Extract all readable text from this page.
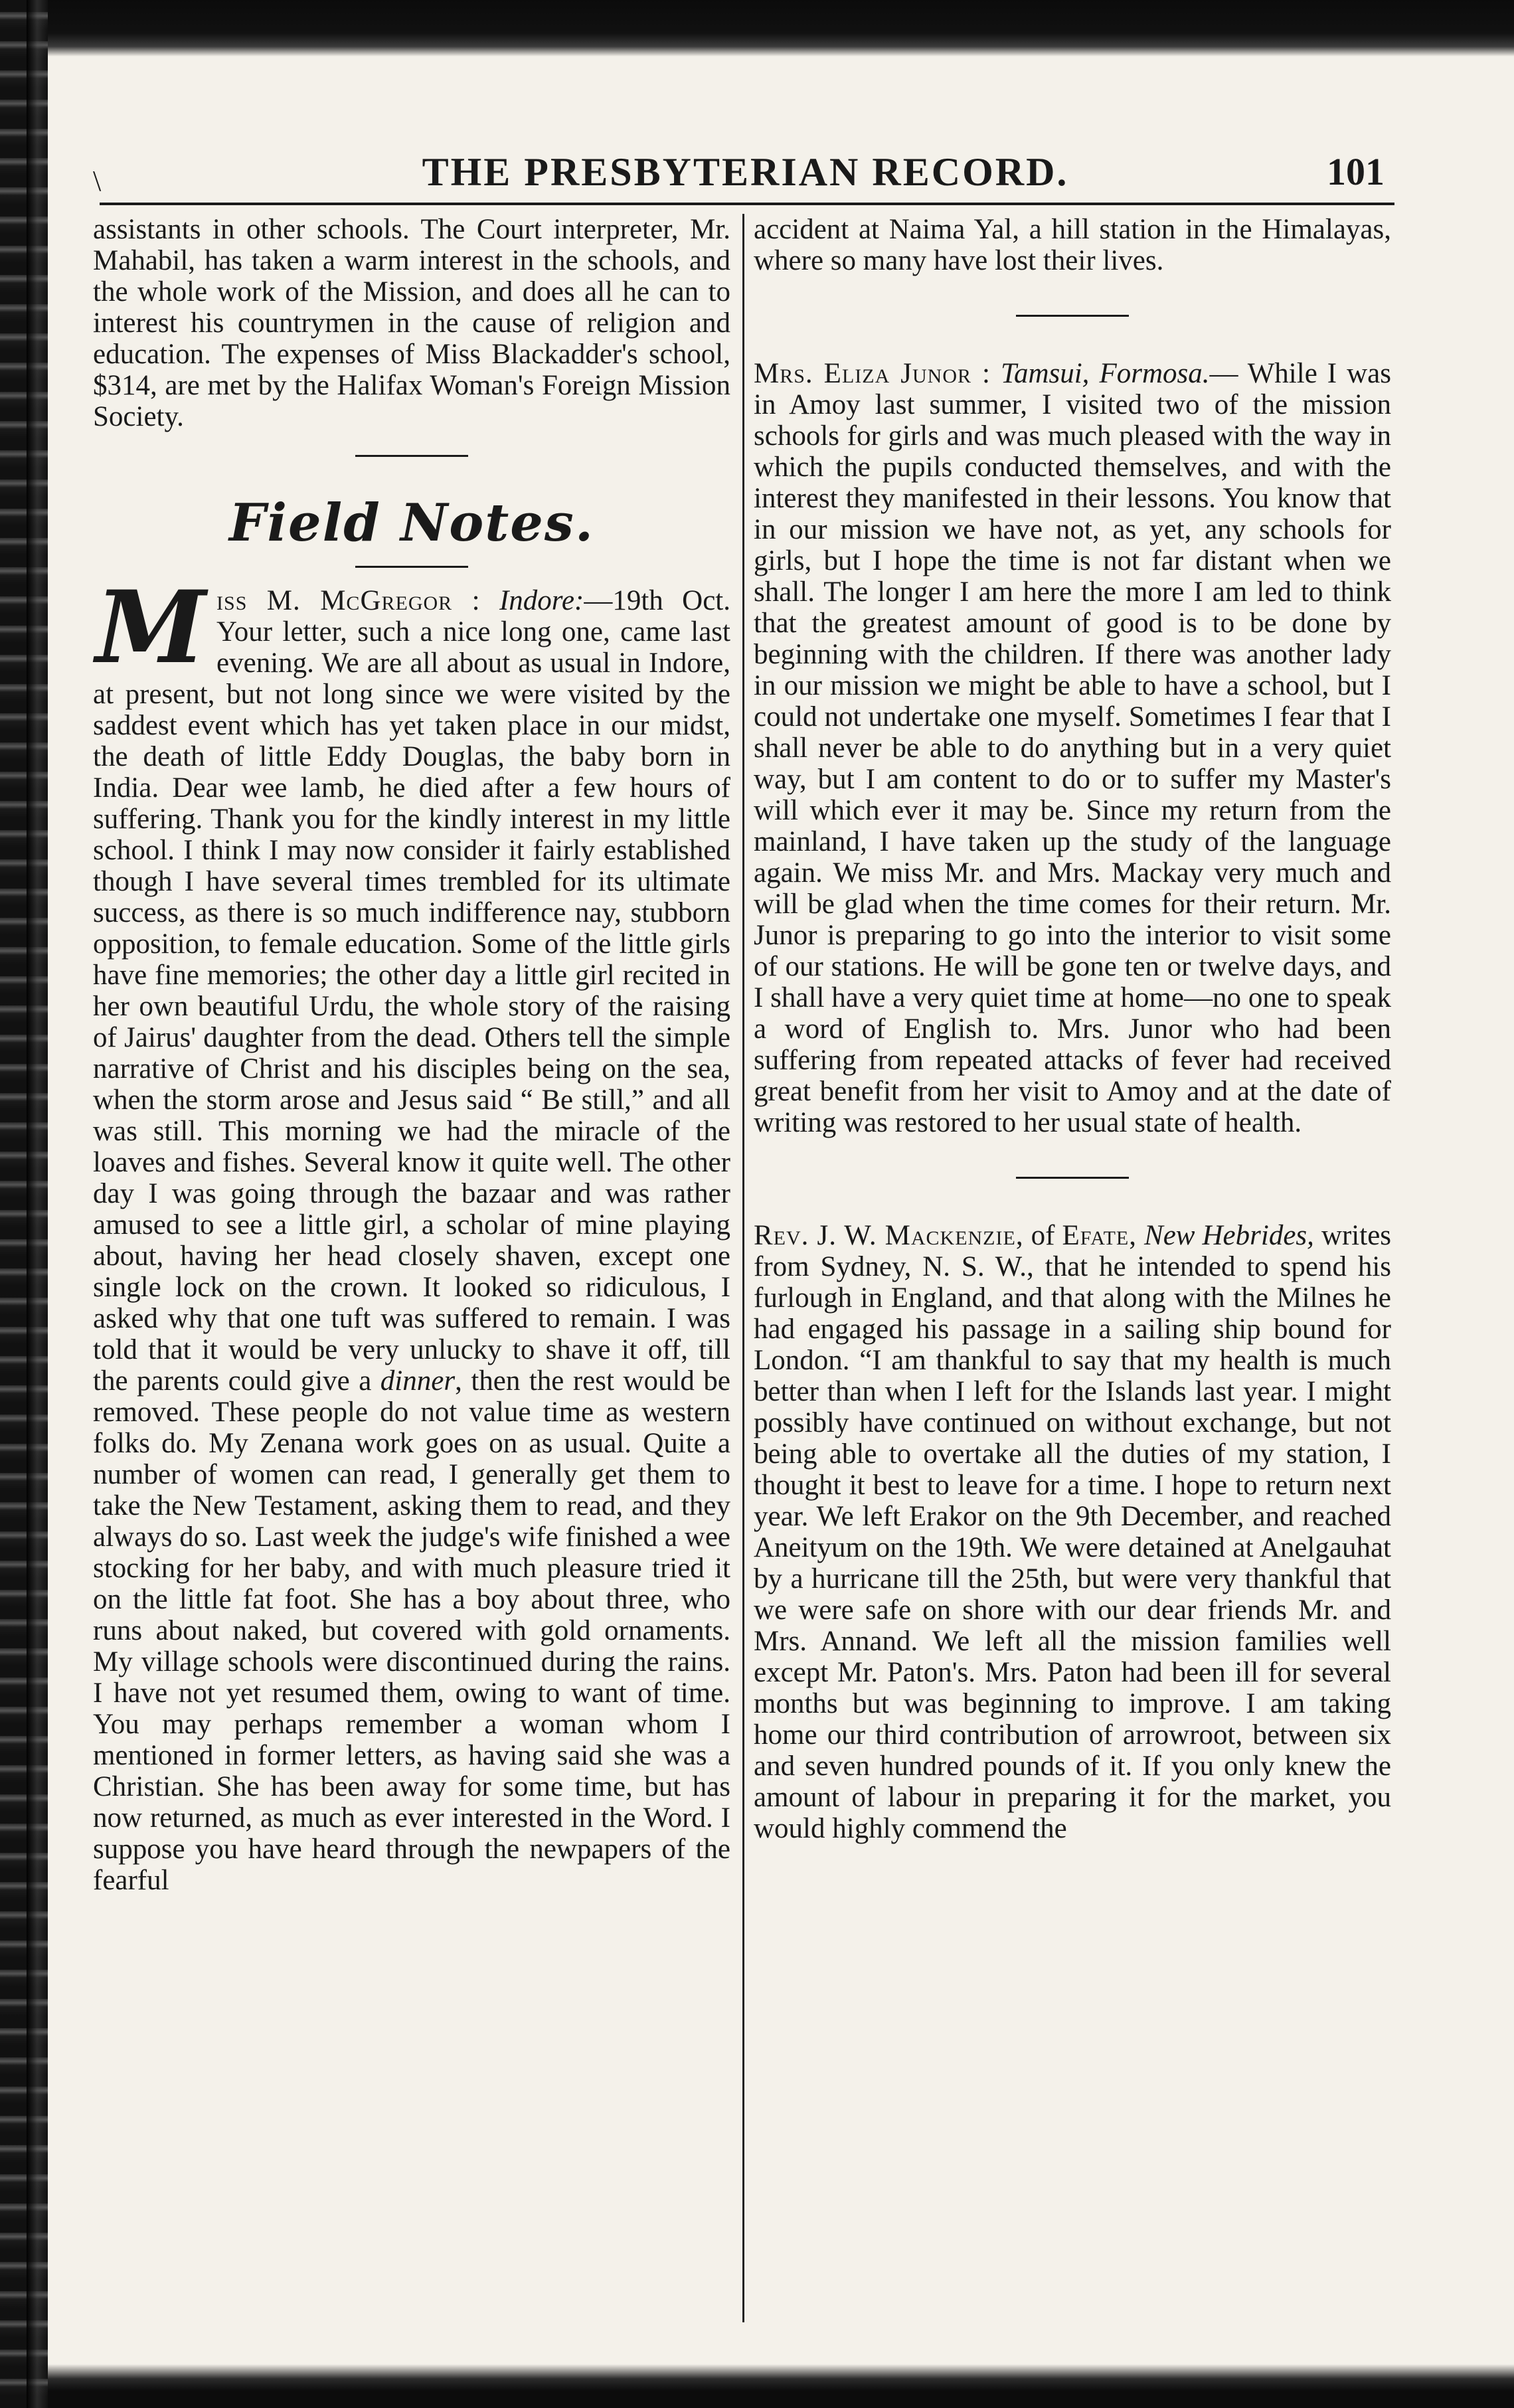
\	THE PRESBYTERIAN RECORD.	101

assistants in other schools. The Court interpreter, Mr. Mahabil, has taken a warm interest in the schools, and the whole work of the Mission, and does all he can to interest his countrymen in the cause of religion and education. The expenses of Miss Blackadder's school, $314, are met by the Halifax Woman's Foreign Mission Society.

Field Notes.

Miss M. McGregor : Indore:—19th Oct. Your letter, such a nice long one, came last evening. We are all about as usual in Indore, at present, but not long since we were visited by the saddest event which has yet taken place in our midst, the death of little Eddy Douglas, the baby born in India. Dear wee lamb, he died after a few hours of suffering. Thank you for the kindly interest in my little school. I think I may now consider it fairly established though I have several times trembled for its ultimate success, as there is so much indifference nay, stubborn opposition, to female education. Some of the little girls have fine memories; the other day a little girl recited in her own beautiful Urdu, the whole story of the raising of Jairus' daughter from the dead. Others tell the simple narrative of Christ and his disciples being on the sea, when the storm arose and Jesus said “ Be still,” and all was still. This morning we had the miracle of the loaves and fishes. Several know it quite well. The other day I was going through the bazaar and was rather amused to see a little girl, a scholar of mine playing about, having her head closely shaven, except one single lock on the crown. It looked so ridiculous, I asked why that one tuft was suffered to remain. I was told that it would be very unlucky to shave it off, till the parents could give a dinner, then the rest would be removed. These people do not value time as western folks do. My Zenana work goes on as usual. Quite a number of women can read, I generally get them to take the New Testament, asking them to read, and they always do so. Last week the judge's wife finished a wee stocking for her baby, and with much pleasure tried it on the little fat foot. She has a boy about three, who runs about naked, but covered with gold ornaments. My village schools were discontinued during the rains. I have not yet resumed them, owing to want of time. You may perhaps remember a woman whom I mentioned in former letters, as having said she was a Christian. She has been away for some time, but has now returned, as much as ever interested in the Word. I suppose you have heard through the newpapers of the fearful

accident at Naima Yal, a hill station in the Himalayas, where so many have lost their lives.

Mrs. Eliza Junor : Tamsui, Formosa.— While I was in Amoy last summer, I visited two of the mission schools for girls and was much pleased with the way in which the pupils conducted themselves, and with the interest they manifested in their lessons. You know that in our mission we have not, as yet, any schools for girls, but I hope the time is not far distant when we shall. The longer I am here the more I am led to think that the greatest amount of good is to be done by beginning with the children. If there was another lady in our mission we might be able to have a school, but I could not undertake one myself. Sometimes I fear that I shall never be able to do anything but in a very quiet way, but I am content to do or to suffer my Master's will which ever it may be. Since my return from the mainland, I have taken up the study of the language again. We miss Mr. and Mrs. Mackay very much and will be glad when the time comes for their return. Mr. Junor is preparing to go into the interior to visit some of our stations. He will be gone ten or twelve days, and I shall have a very quiet time at home—no one to speak a word of English to. Mrs. Junor who had been suffering from repeated attacks of fever had received great benefit from her visit to Amoy and at the date of writing was restored to her usual state of health.

Rev. J. W. Mackenzie, of Efate, New Hebrides, writes from Sydney, N. S. W., that he intended to spend his furlough in England, and that along with the Milnes he had engaged his passage in a sailing ship bound for London. “I am thankful to say that my health is much better than when I left for the Islands last year. I might possibly have continued on without exchange, but not being able to overtake all the duties of my station, I thought it best to leave for a time. I hope to return next year. We left Erakor on the 9th December, and reached Aneityum on the 19th. We were detained at Anelgauhat by a hurricane till the 25th, but were very thankful that we were safe on shore with our dear friends Mr. and Mrs. Annand. We left all the mission families well except Mr. Paton's. Mrs. Paton had been ill for several months but was beginning to improve. I am taking home our third contribution of arrowroot, between six and seven hundred pounds of it. If you only knew the amount of labour in preparing it for the market, you would highly commend the
